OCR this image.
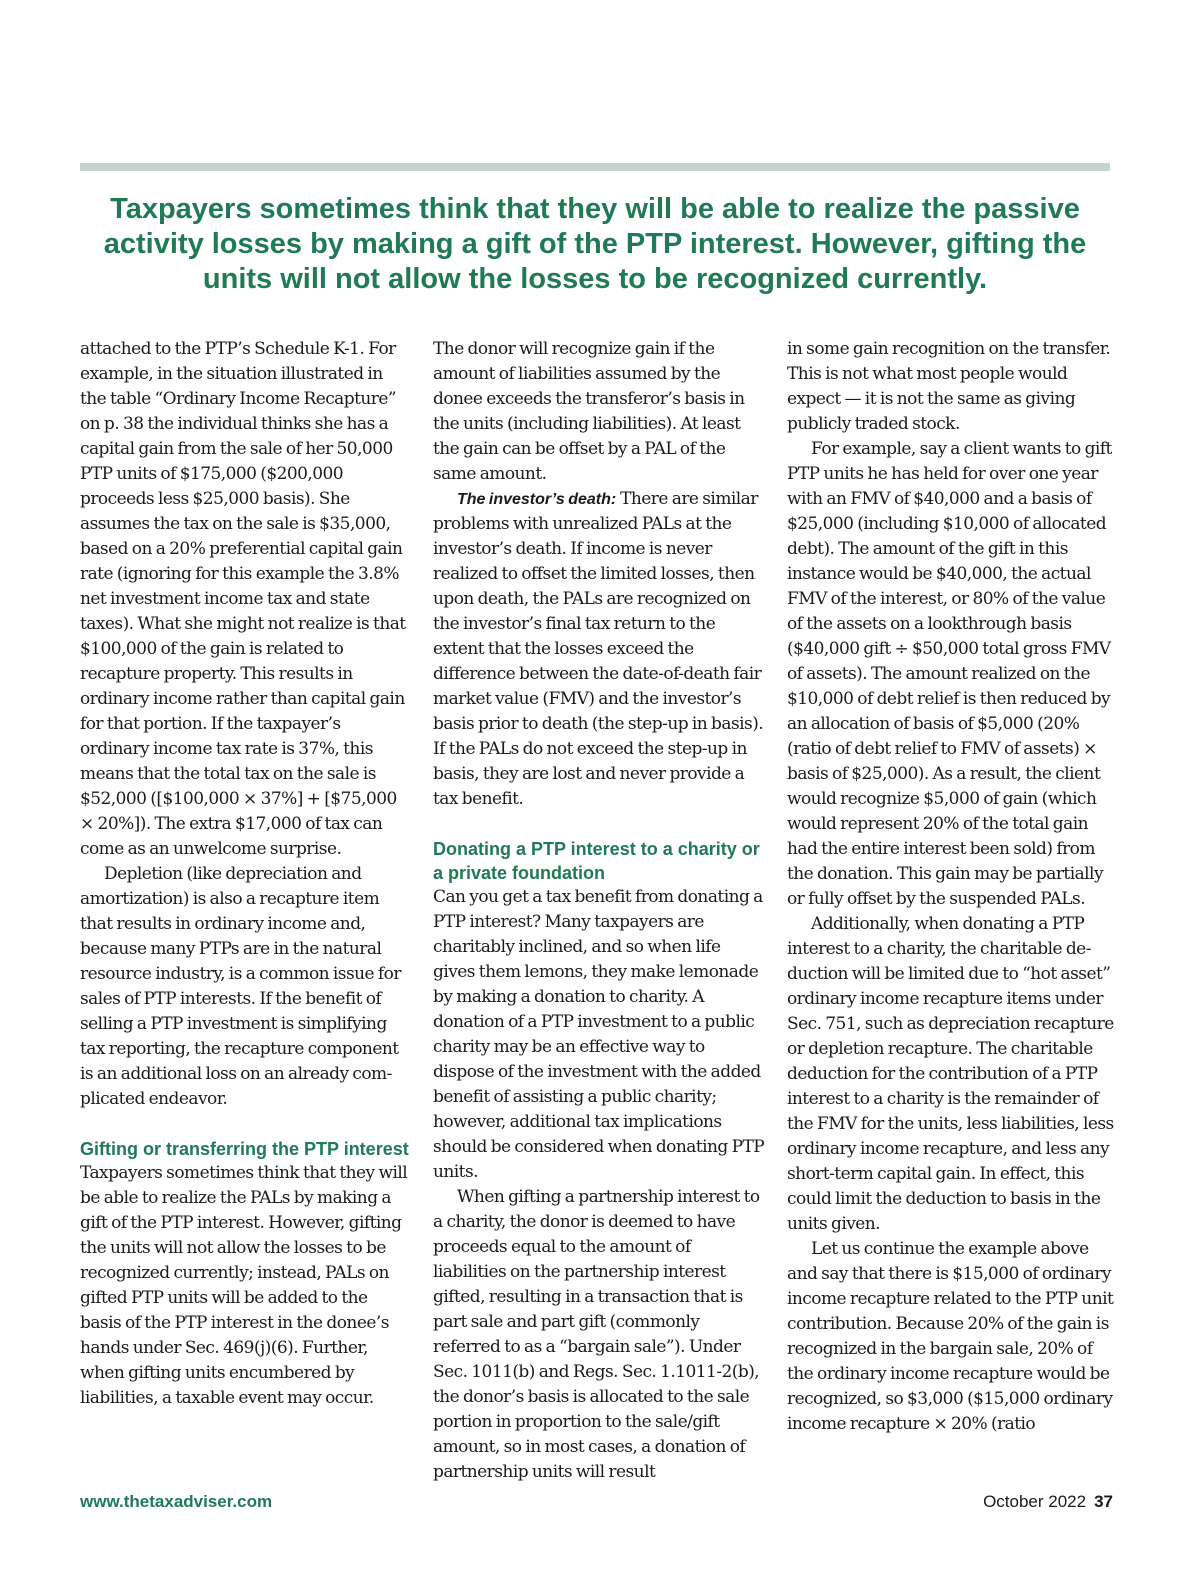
Taxpayers sometimes think that they will be able to realize the passive activity losses by making a gift of the PTP interest. However, gifting the units will not allow the losses to be recognized currently.

attached to the PTP’s Schedule K-1. For example, in the situation illustrated in the table “Ordinary Income Recapture” on p. 38 the individual thinks she has a capital gain from the sale of her 50,000 PTP units of $175,000 ($200,000 proceeds less $25,000 basis). She assumes the tax on the sale is $35,000, based on a 20% preferential capital gain rate (ignoring for this example the 3.8% net investment income tax and state taxes). What she might not realize is that $100,000 of the gain is related to recapture property. This results in ordinary income rather than capital gain for that portion. If the taxpayer’s ordinary income tax rate is 37%, this means that the total tax on the sale is $52,000 ([$100,000 × 37%] + [$75,000 × 20%]). The extra $17,000 of tax can come as an unwelcome surprise.

Depletion (like depreciation and amortization) is also a recapture item that results in ordinary income and, because many PTPs are in the natural resource industry, is a common issue for sales of PTP interests. If the benefit of selling a PTP investment is simplifying tax reporting, the recapture component is an additional loss on an already complicated endeavor.

Gifting or transferring the PTP interest

Taxpayers sometimes think that they will be able to realize the PALs by making a gift of the PTP interest. However, gifting the units will not allow the losses to be recognized currently; instead, PALs on gifted PTP units will be added to the basis of the PTP interest in the donee’s hands under Sec. 469(j)(6). Further, when gifting units encumbered by liabilities, a taxable event may occur.

The donor will recognize gain if the amount of liabilities assumed by the donee exceeds the transferor’s basis in the units (including liabilities). At least the gain can be offset by a PAL of the same amount.

The investor’s death: There are similar problems with unrealized PALs at the investor’s death. If income is never realized to offset the limited losses, then upon death, the PALs are recognized on the investor’s final tax return to the extent that the losses exceed the difference between the date-of-death fair market value (FMV) and the investor’s basis prior to death (the step-up in basis). If the PALs do not exceed the step-up in basis, they are lost and never provide a tax benefit.

Donating a PTP interest to a charity or a private foundation

Can you get a tax benefit from donating a PTP interest? Many taxpayers are charitably inclined, and so when life gives them lemons, they make lemonade by making a donation to charity. A donation of a PTP investment to a public charity may be an effective way to dispose of the investment with the added benefit of assisting a public charity; however, additional tax implications should be considered when donating PTP units.

When gifting a partnership interest to a charity, the donor is deemed to have proceeds equal to the amount of liabilities on the partnership interest gifted, resulting in a transaction that is part sale and part gift (commonly referred to as a “bargain sale”). Under Sec. 1011(b) and Regs. Sec. 1.1011-2(b), the donor’s basis is allocated to the sale portion in proportion to the sale/gift amount, so in most cases, a donation of partnership units will result

in some gain recognition on the transfer. This is not what most people would expect — it is not the same as giving publicly traded stock.

For example, say a client wants to gift PTP units he has held for over one year with an FMV of $40,000 and a basis of $25,000 (including $10,000 of allocated debt). The amount of the gift in this instance would be $40,000, the actual FMV of the interest, or 80% of the value of the assets on a lookthrough basis ($40,000 gift ÷ $50,000 total gross FMV of assets). The amount realized on the $10,000 of debt relief is then reduced by an allocation of basis of $5,000 (20% (ratio of debt relief to FMV of assets) × basis of $25,000). As a result, the client would recognize $5,000 of gain (which would represent 20% of the total gain had the entire interest been sold) from the donation. This gain may be partially or fully offset by the suspended PALs.

Additionally, when donating a PTP interest to a charity, the charitable deduction will be limited due to “hot asset” ordinary income recapture items under Sec. 751, such as depreciation recapture or depletion recapture. The charitable deduction for the contribution of a PTP interest to a charity is the remainder of the FMV for the units, less liabilities, less ordinary income recapture, and less any short-term capital gain. In effect, this could limit the deduction to basis in the units given.

Let us continue the example above and say that there is $15,000 of ordinary income recapture related to the PTP unit contribution. Because 20% of the gain is recognized in the bargain sale, 20% of the ordinary income recapture would be recognized, so $3,000 ($15,000 ordinary income recapture × 20% (ratio

www.thetaxadviser.com	October 2022 37
